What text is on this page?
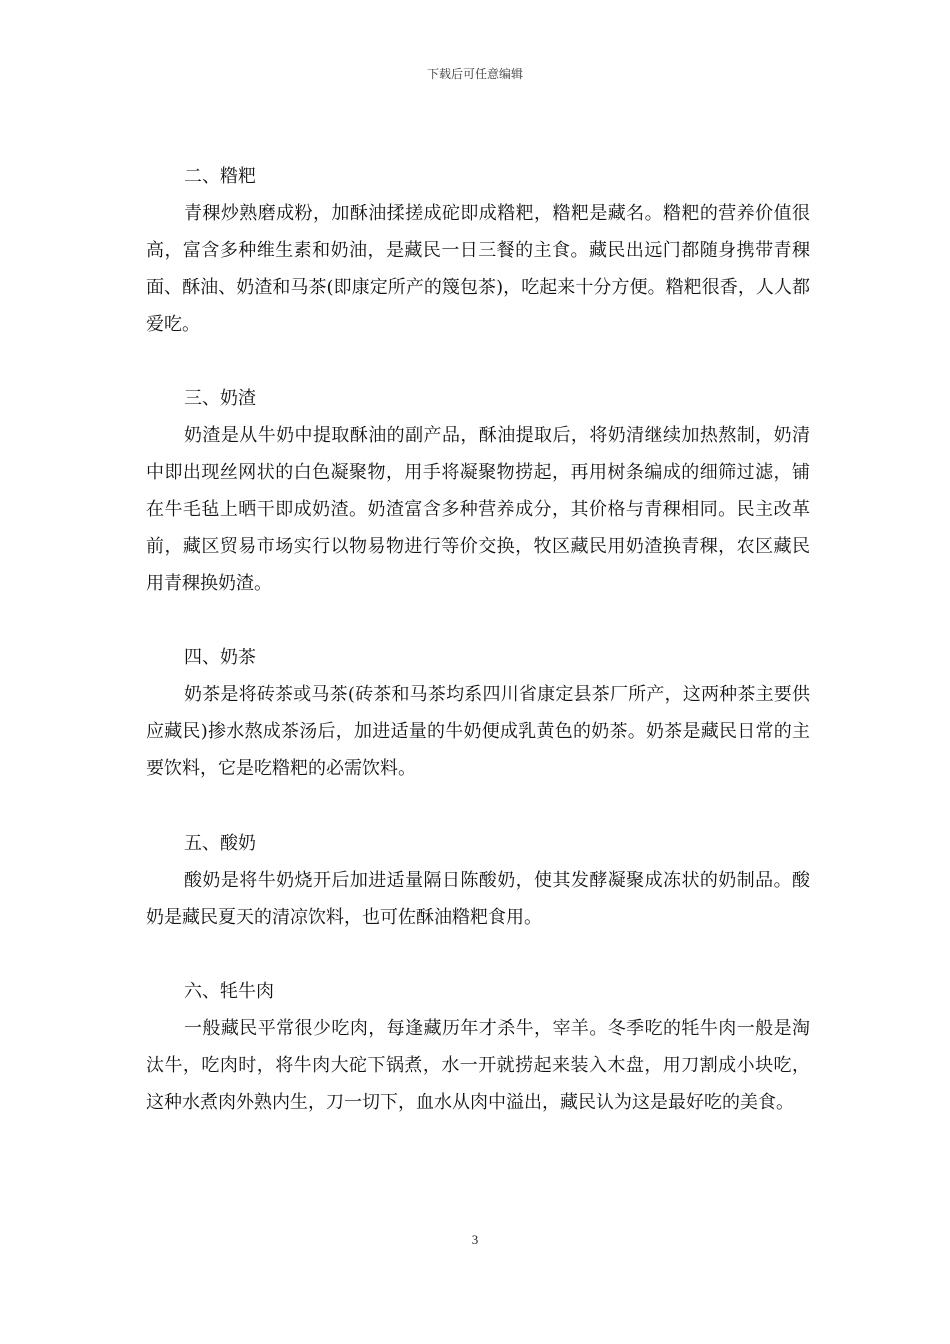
下载后可任意编辑
二、糌粑

青稞炒熟磨成粉，加酥油揉搓成砣即成糌粑，糌粑是藏名。糌粑的营养价值很高，富含多种维生素和奶油，是藏民一日三餐的主食。藏民出远门都随身携带青稞面、酥油、奶渣和马茶(即康定所产的篾包茶)，吃起来十分方便。糌粑很香，人人都爱吃。

三、奶渣

奶渣是从牛奶中提取酥油的副产品，酥油提取后，将奶清继续加热熬制，奶清中即出现丝网状的白色凝聚物，用手将凝聚物捞起，再用树条编成的细筛过滤，铺在牛毛毡上晒干即成奶渣。奶渣富含多种营养成分，其价格与青稞相同。民主改革前，藏区贸易市场实行以物易物进行等价交换，牧区藏民用奶渣换青稞，农区藏民用青稞换奶渣。

四、奶茶

奶茶是将砖茶或马茶(砖茶和马茶均系四川省康定县茶厂所产，这两种茶主要供应藏民)掺水熬成茶汤后，加进适量的牛奶便成乳黄色的奶茶。奶茶是藏民日常的主要饮料，它是吃糌粑的必需饮料。

五、酸奶

酸奶是将牛奶烧开后加进适量隔日陈酸奶，使其发酵凝聚成冻状的奶制品。酸奶是藏民夏天的清凉饮料，也可佐酥油糌粑食用。

六、牦牛肉

一般藏民平常很少吃肉，每逢藏历年才杀牛，宰羊。冬季吃的牦牛肉一般是淘汰牛，吃肉时，将牛肉大砣下锅煮，水一开就捞起来装入木盘，用刀割成小块吃，这种水煮肉外熟内生，刀一切下，血水从肉中溢出，藏民认为这是最好吃的美食。

3
